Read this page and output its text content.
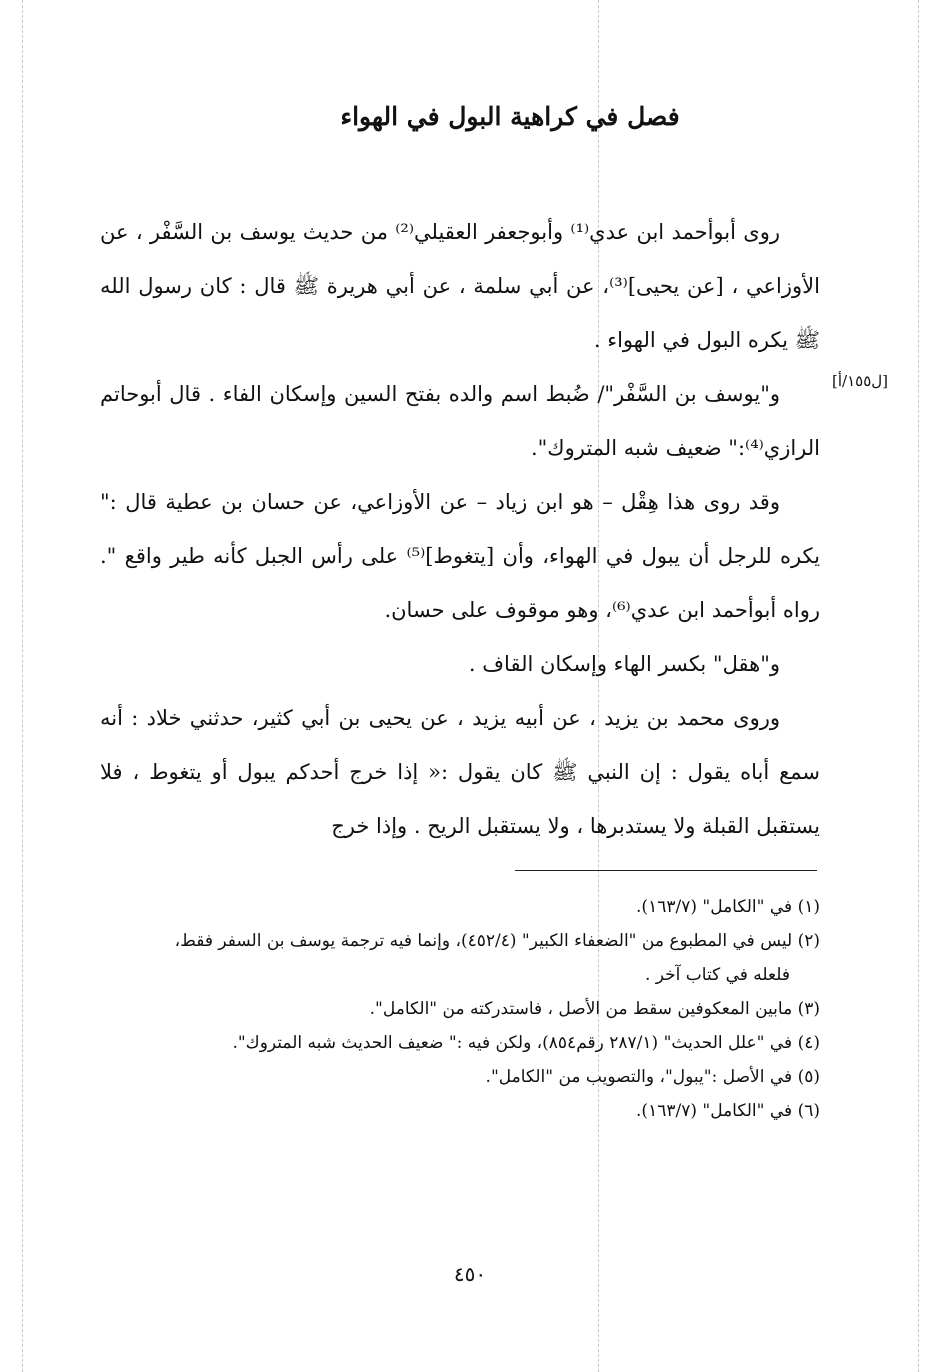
فصل في كراهية البول في الهواء
[ل١٥٥/أ]

روى أبوأحمد ابن عدي⁽¹⁾ وأبوجعفر العقيلي⁽²⁾ من حديث يوسف بن السَّفْر ، عن الأوزاعي ، [عن يحيى]⁽³⁾، عن أبي سلمة ، عن أبي هريرة ﷺ قال : كان رسول الله ﷺ يكره البول في الهواء .

و"يوسف بن السَّفْر"/ ضُبط اسم والده بفتح السين وإسكان الفاء . قال أبوحاتم الرازي⁽⁴⁾:" ضعيف شبه المتروك".

وقد روى هذا هِقْل – هو ابن زياد – عن الأوزاعي، عن حسان بن عطية قال :" يكره للرجل أن يبول في الهواء، وأن [يتغوط]⁽⁵⁾ على رأس الجبل كأنه طير واقع ". رواه أبوأحمد ابن عدي⁽⁶⁾، وهو موقوف على حسان.

و"هقل" بكسر الهاء وإسكان القاف .

وروى محمد بن يزيد ، عن أبيه يزيد ، عن يحيى بن أبي كثير، حدثني خلاد : أنه سمع أباه يقول : إن النبي ﷺ كان يقول :« إذا خرج أحدكم يبول أو يتغوط ، فلا يستقبل القبلة ولا يستدبرها ، ولا يستقبل الريح . وإذا خرج

(١) في "الكامل" (١٦٣/٧).

(٢) ليس في المطبوع من "الضعفاء الكبير" (٤٥٢/٤)، وإنما فيه ترجمة يوسف بن السفر فقط،

فلعله في كتاب آخر .

(٣) مابين المعكوفين سقط من الأصل ، فاستدركته من "الكامل".

(٤) في "علل الحديث" (٢٨٧/١ رقم٨٥٤)، ولكن فيه :" ضعيف الحديث شبه المتروك".

(٥) في الأصل :"يبول"، والتصويب من "الكامل".

(٦) في "الكامل" (١٦٣/٧).

٤٥٠
